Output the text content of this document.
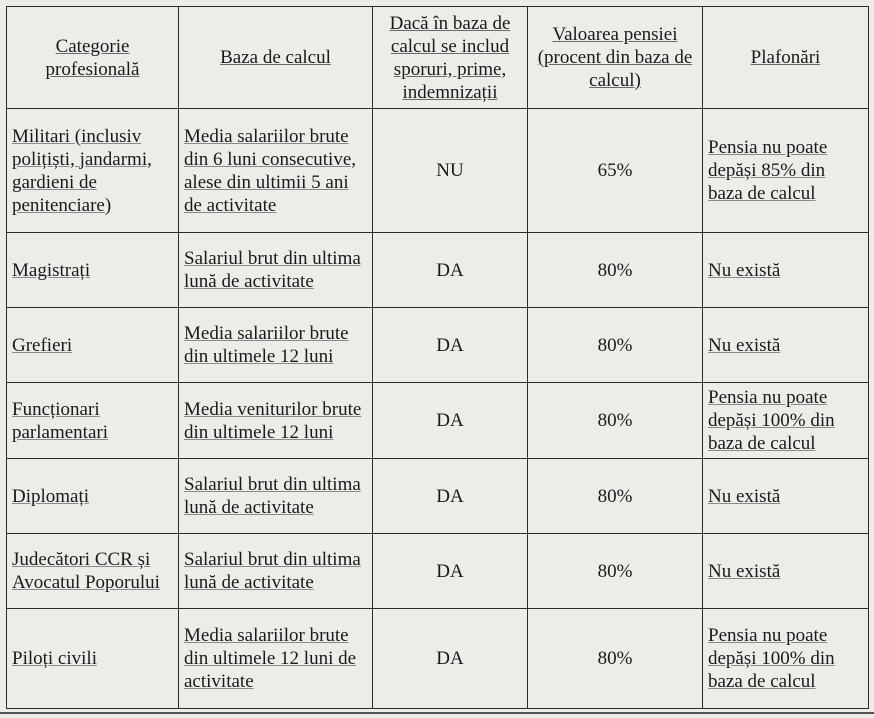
Categorie profesională	Baza de calcul	Dacă în baza de calcul se includ sporuri, prime, indemnizații	Valoarea pensiei (procent din baza de calcul)	Plafonări
Militari (inclusiv polițiști, jandarmi, gardieni de penitenciare)	Media salariilor brute din 6 luni consecutive, alese din ultimii 5 ani de activitate	NU	65%	Pensia nu poate depăși 85% din baza de calcul
Magistrați	Salariul brut din ultima lună de activitate	DA	80%	Nu există
Grefieri	Media salariilor brute din ultimele 12 luni	DA	80%	Nu există
Funcționari parlamentari	Media veniturilor brute din ultimele 12 luni	DA	80%	Pensia nu poate depăși 100% din baza de calcul
Diplomați	Salariul brut din ultima lună de activitate	DA	80%	Nu există
Judecători CCR și Avocatul Poporului	Salariul brut din ultima lună de activitate	DA	80%	Nu există
Piloți civili	Media salariilor brute din ultimele 12 luni de activitate	DA	80%	Pensia nu poate depăși 100% din baza de calcul
